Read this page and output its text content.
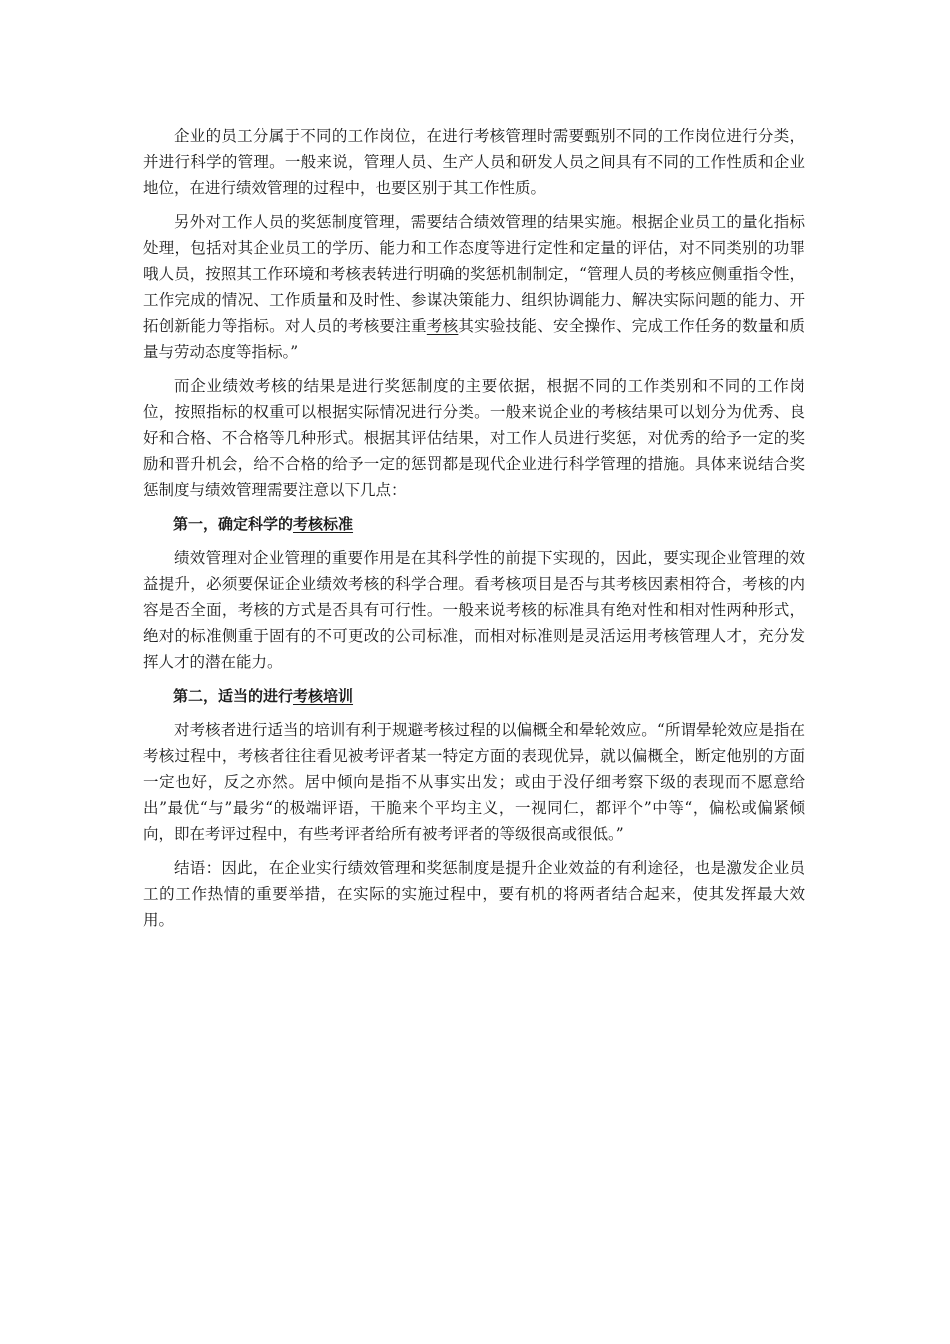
企业的员工分属于不同的工作岗位，在进行考核管理时需要甄别不同的工作岗位进行分类，并进行科学的管理。一般来说，管理人员、生产人员和研发人员之间具有不同的工作性质和企业地位，在进行绩效管理的过程中，也要区别于其工作性质。

另外对工作人员的奖惩制度管理，需要结合绩效管理的结果实施。根据企业员工的量化指标处理，包括对其企业员工的学历、能力和工作态度等进行定性和定量的评估，对不同类别的功罪哦人员，按照其工作环境和考核表转进行明确的奖惩机制制定，“管理人员的考核应侧重指令性，工作完成的情况、工作质量和及时性、参谋决策能力、组织协调能力、解决实际问题的能力、开拓创新能力等指标。对人员的考核要注重考核其实验技能、安全操作、完成工作任务的数量和质量与劳动态度等指标。”

而企业绩效考核的结果是进行奖惩制度的主要依据，根据不同的工作类别和不同的工作岗位，按照指标的权重可以根据实际情况进行分类。一般来说企业的考核结果可以划分为优秀、良好和合格、不合格等几种形式。根据其评估结果，对工作人员进行奖惩，对优秀的给予一定的奖励和晋升机会，给不合格的给予一定的惩罚都是现代企业进行科学管理的措施。具体来说结合奖惩制度与绩效管理需要注意以下几点：

第一，确定科学的考核标准

绩效管理对企业管理的重要作用是在其科学性的前提下实现的，因此，要实现企业管理的效益提升，必须要保证企业绩效考核的科学合理。看考核项目是否与其考核因素相符合，考核的内容是否全面，考核的方式是否具有可行性。一般来说考核的标准具有绝对性和相对性两种形式，绝对的标准侧重于固有的不可更改的公司标准，而相对标准则是灵活运用考核管理人才，充分发挥人才的潜在能力。

第二，适当的进行考核培训

对考核者进行适当的培训有利于规避考核过程的以偏概全和晕轮效应。“所谓晕轮效应是指在考核过程中，考核者往往看见被考评者某一特定方面的表现优异，就以偏概全，断定他别的方面一定也好，反之亦然。居中倾向是指不从事实出发；或由于没仔细考察下级的表现而不愿意给出”最优“与”最劣“的极端评语，干脆来个平均主义，一视同仁，都评个”中等“，偏松或偏紧倾向，即在考评过程中，有些考评者给所有被考评者的等级很高或很低。”

结语：因此，在企业实行绩效管理和奖惩制度是提升企业效益的有利途径，也是激发企业员工的工作热情的重要举措，在实际的实施过程中，要有机的将两者结合起来，使其发挥最大效用。
